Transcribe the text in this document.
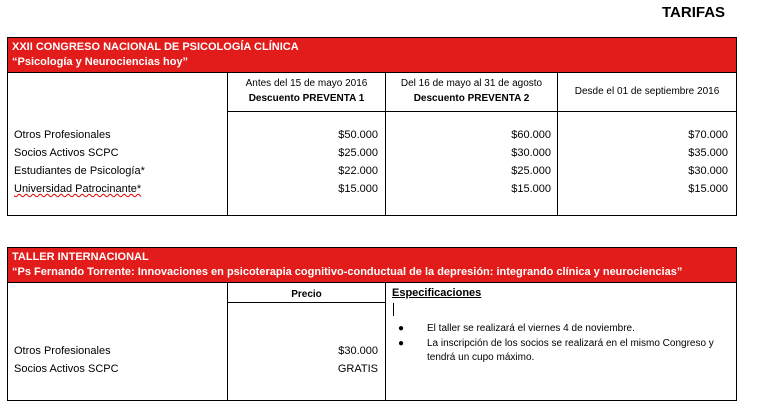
TARIFAS
XXII CONGRESO NACIONAL DE PSICOLOGÍA CLÍNICA
“Psicología y Neurociencias hoy”
Antes del 15 de mayo 2016
Descuento PREVENTA 1
Del 16 de mayo al 31 de agosto
Descuento PREVENTA 2
Desde el 01 de septiembre 2016
Otros Profesionales
Socios Activos SCPC
Estudiantes de Psicología*
Universidad Patrocinante*
$50.000
$25.000
$22.000
$15.000
$60.000
$30.000
$25.000
$15.000
$70.000
$35.000
$30.000
$15.000
TALLER INTERNACIONAL
“Ps Fernando Torrente: Innovaciones en psicoterapia cognitivo-conductual de la depresión: integrando clínica y neurociencias”
Precio	Especificaciones
Otros Profesionales
Socios Activos SCPC
$30.000
GRATIS
● El taller se realizará el viernes 4 de noviembre.
● La inscripción de los socios se realizará en el mismo Congreso y tendrá un cupo máximo.
